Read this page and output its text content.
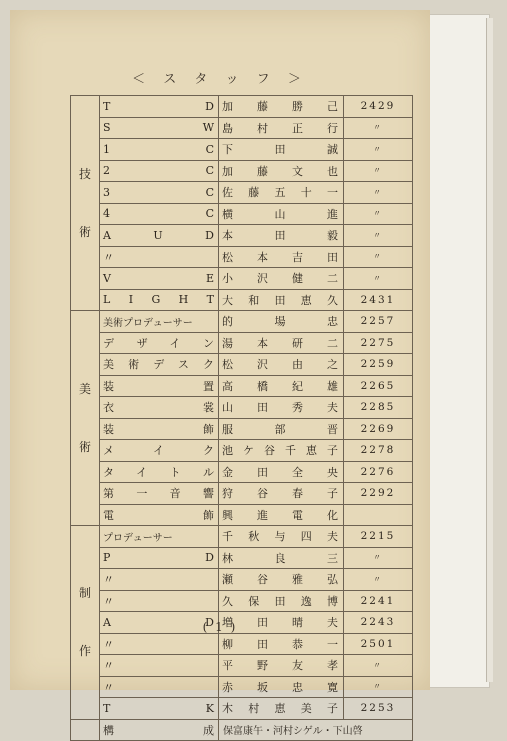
＜ ス タ ッ フ ＞
技
術	T D	加藤勝己	2429
	S W	島村正行	〃
	1 C	下田誠	〃
	2 C	加藤文也	〃
	3 C	佐藤五十一	〃
	4 C	横山進	〃
	A U D	本田毅	〃
	〃	松本吉田	〃
	V E	小沢健二	〃
	L I G H T	大和田恵久	2431

美
術	美術プロデューサー	的場忠	2257
	デザイン	湯本研二	2275
	美術デスク	松沢由之	2259
	装置	高橋紀雄	2265
	衣裳	山田秀夫	2285
	装飾	服部晋	2269
	メイク	池ケ谷千恵子	2278
	タイトル	金田全央	2276
	第一音響	狩谷春子	2292
	電飾	興進電化	

制
作	プロデューサー	千秋与四夫	2215
	P D	林良三	〃
	〃	瀬谷雅弘	〃
	〃	久保田逸博	2241
	A D	増田晴夫	2243
	〃	柳田恭一	2501
	〃	平野友孝	〃
	〃	赤坂忠寛	〃
	T K	木村恵美子	2253
	構成	保富康午・河村シゲル・下山啓	
( 1 )
